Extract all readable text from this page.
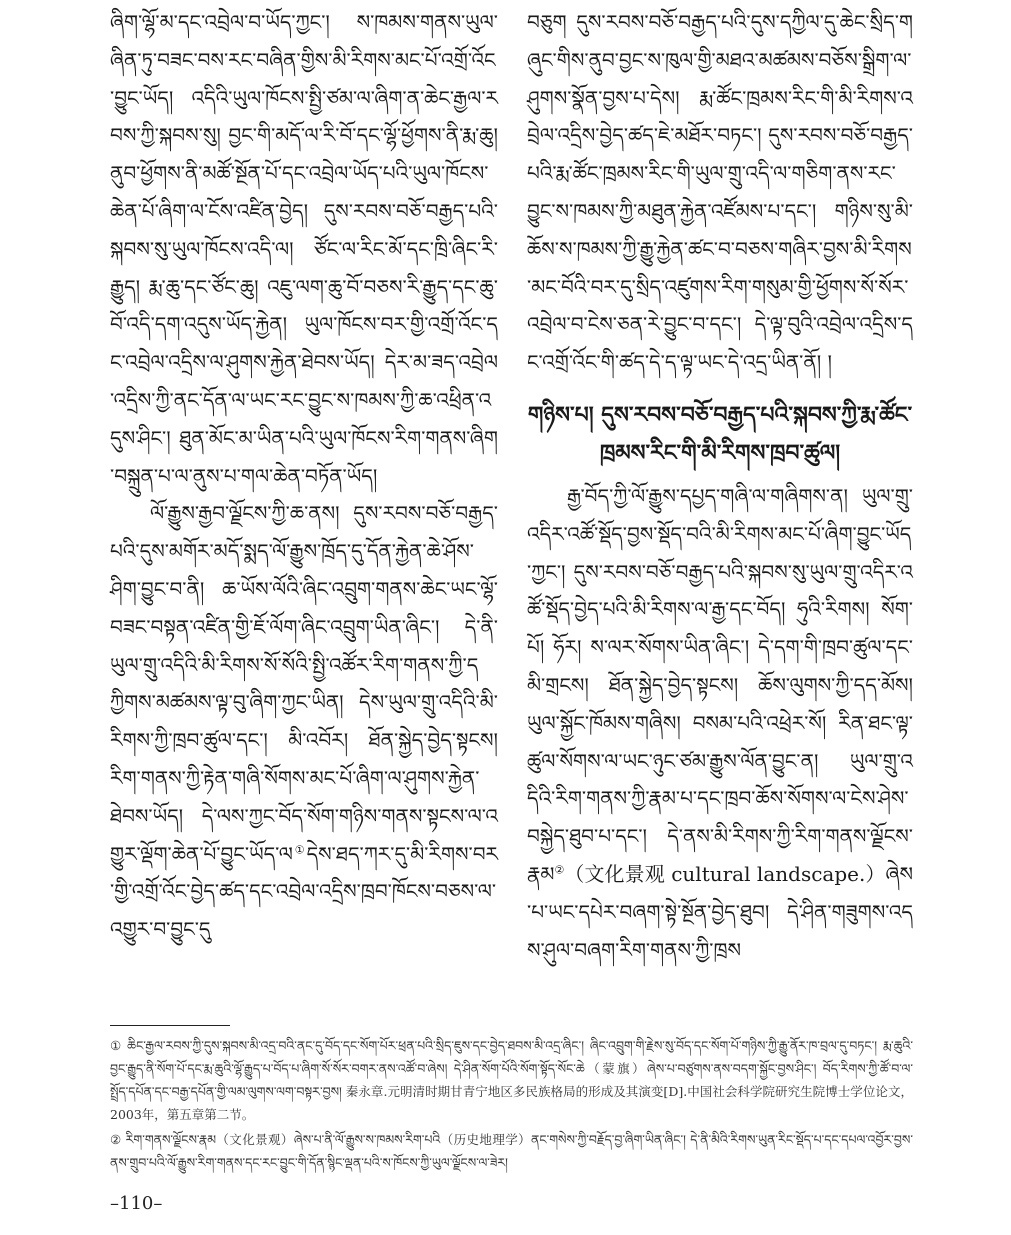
ཞིག་ལྷོ་མ་དང་འབྲེལ་བ་ཡོད་ཀྱང་། ས་ཁམས་གནས་ཡུལ་ཞིན་ཏུ་བཟང་བས་རང་བཞིན་གྱིས་མི་རིགས་མང་པོ་འགྲོ་འོང་བྱུང་ཡོད། འདིའི་ཡུལ་ཁོངས་སྤྱི་ཙམ་ལ་ཞིག་ན་ཆེང་རྒྱལ་རབས་ཀྱི་སྐབས་སུ། བྱང་གི་མདོ་ལ་རི་བོ་དང་ལྷོ་ཕྱོགས་ནི་རྨ་ཆུ། ནུབ་ཕྱོགས་ནི་མཚོ་སྔོན་པོ་དང་འབྲེལ་ཡོད་པའི་ཡུལ་ཁོངས་ཆེན་པོ་ཞིག་ལ་ངོས་འཛིན་བྱེད། དུས་རབས་བཅོ་བརྒྱད་པའི་སྐབས་སུ་ཡུལ་ཁོངས་འདི་ལ། ཙོང་ལ་རིང་མོ་དང་ཁྲི་ཞིང་རི་རྒྱུད། རྨ་ཆུ་དང་ཙོང་ཆུ། འཇུ་ལག་ཆུ་བོ་བཅས་རི་རྒྱུད་དང་ཆུ་བོ་འདི་དག་འདུས་ཡོད་རྐྱེན། ཡུལ་ཁོངས་བར་གྱི་འགྲོ་འོང་དང་འབྲེལ་འདྲིས་ལ་ཤུགས་རྐྱེན་ཐེབས་ཡོད། དེར་མ་ཟད་འབྲེལ་འདྲིས་ཀྱི་ནང་དོན་ལ་ཡང་རང་བྱུང་ས་ཁམས་ཀྱི་ཆ་འཕྲིན་འདུས་ཤིང་། ཐུན་མོང་མ་ཡིན་པའི་ཡུལ་ཁོངས་རིག་གནས་ཞིག་བསྐྲུན་པ་ལ་ནུས་པ་གལ་ཆེན་བཏོན་ཡོད།

ལོ་རྒྱུས་རྒྱབ་ལྗོངས་ཀྱི་ཆ་ནས། དུས་རབས་བཅོ་བརྒྱད་པའི་དུས་མགོར་མདོ་སྨད་ལོ་རྒྱུས་ཁྲོད་དུ་དོན་རྐྱེན་ཆེ་ཤོས་ཤིག་བྱུང་བ་ནི། ཆ་ཡོས་ལོའི་ཞིང་འབྲུག་གནས་ཆེང་ཡང་ལྷོ་བཟང་བསྟན་འཛིན་གྱི་ཇོ་ལོག་ཞིང་འབྲུག་ཡིན་ཞིང་། དེ་ནི་ཡུལ་གྲུ་འདིའི་མི་རིགས་སོ་སོའི་སྤྱི་འཚོར་རིག་གནས་ཀྱི་དཀྱིགས་མཚམས་ལྟ་བུ་ཞིག་ཀྱང་ཡིན། དེས་ཡུལ་གྲུ་འདིའི་མི་རིགས་ཀྱི་ཁྲབ་ཚུལ་དང་། མི་འབོར། ཐོན་སྐྱེད་བྱེད་སྟངས། རིག་གནས་ཀྱི་རྟེན་གཞི་སོགས་མང་པོ་ཞིག་ལ་ཤུགས་རྐྱེན་ཐེབས་ཡོད། དེ་ལས་ཀྱང་བོད་སོག་གཉིས་གནས་སྟངས་ལ་འགྱུར་ལྡོག་ཆེན་པོ་བྱུང་ཡོད་ལ①དེས་ཐད་ཀར་དུ་མི་རིགས་བར་གྱི་འགྲོ་འོང་བྱེད་ཚད་དང་འབྲེལ་འདྲིས་ཁྲབ་ཁོངས་བཅས་ལ་འགྱུར་བ་བྱུང་དུ

བཅུག དུས་རབས་བཅོ་བརྒྱད་པའི་དུས་དཀྱིལ་དུ་ཆེང་སྲིད་གཞུང་གིས་ནུབ་བྱང་ས་ཁུལ་གྱི་མཐའ་མཚམས་བཅོས་སྒྲིག་ལ་ཤུགས་སྣོན་བྱས་པ་དེས། རྨ་ཚོང་ཁྲམས་རིང་གི་མི་རིགས་འབྲེལ་འདྲིས་བྱེད་ཚད་ཇེ་མཐོར་བཏང་། དུས་རབས་བཅོ་བརྒྱད་པའི་རྨ་ཚོང་ཁྲམས་རིང་གི་ཡུལ་གྲུ་འདི་ལ་གཅིག་ནས་རང་བྱུང་ས་ཁམས་ཀྱི་མཐུན་རྐྱེན་འཛོམས་པ་དང་། གཉིས་སུ་མི་ཆོས་ས་ཁམས་ཀྱི་རྒྱུ་རྐྱེན་ཚང་བ་བཅས་གཞིར་བྱས་མི་རིགས་མང་བོའི་བར་དུ་སྲིད་འཛུགས་རིག་གསུམ་གྱི་ཕྱོགས་སོ་སོར་འབྲེལ་བ་ངེས་ཅན་རེ་བྱུང་བ་དང་། དེ་ལྟ་བུའི་འབྲེལ་འདྲིས་དང་འགྲོ་འོང་གི་ཚད་དེ་ད་ལྟ་ཡང་དེ་འདྲ་ཡིན་ནོ། །

གཉིས་པ། དུས་རབས་བཅོ་བརྒྱད་པའི་སྐབས་ཀྱི་རྨ་ཚོང་ཁྲམས་རིང་གི་མི་རིགས་ཁྲབ་ཚུལ།

རྒྱ་བོད་ཀྱི་ལོ་རྒྱུས་དཔྱད་གཞི་ལ་གཞིགས་ན། ཡུལ་གྲུ་འདིར་འཚོ་སྡོད་བྱས་སྡོད་བའི་མི་རིགས་མང་པོ་ཞིག་བྱུང་ཡོད་ཀྱང་། དུས་རབས་བཅོ་བརྒྱད་པའི་སྐབས་སུ་ཡུལ་གྲུ་འདིར་འཚོ་སྡོད་བྱེད་པའི་མི་རིགས་ལ་རྒྱ་དང་བོད། ཧུའི་རིགས། སོག་པོ། ཧོར། ས་ལར་སོགས་ཡིན་ཞིང་། དེ་དག་གི་ཁྲབ་ཚུལ་དང་མི་གྲངས། ཐོན་སྐྱེད་བྱེད་སྟངས། ཆོས་ལུགས་ཀྱི་དད་མོས། ཡུལ་སྐྱོང་ཁོམས་གཞིས། བསམ་པའི་འཕྲེར་སོ། རིན་ཐང་ལྟ་ཚུལ་སོགས་ལ་ཡང་ཉུང་ཙམ་རྒྱུས་ལོན་བྱུང་ན། ཡུལ་གྲུ་འདིའི་རིག་གནས་ཀྱི་རྣམ་པ་དང་ཁྲབ་ཆོས་སོགས་ལ་ངེས་ཤེས་བསྐྱེད་ཐུབ་པ་དང་། དེ་ནས་མི་རིགས་ཀྱི་རིག་གནས་ལྗོངས་རྣམ②（文化景观 cultural landscape.）ཞེས་པ་ཡང་དཔེར་བཞག་སྟེ་སྔོན་བྱེད་ཐུབ། དེ་ཤིན་གཟུགས་འདས་ཤུལ་བཞག་རིག་གནས་ཀྱི་ཁྲས

① ཆིང་རྒྱལ་རབས་ཀྱི་དུས་སྐབས་མི་འདྲ་བའི་ནང་དུ་བོད་དང་སོག་པོར་ཕྲན་པའི་སྲིད་ཇུས་དང་བྱེད་ཐབས་མི་འདྲ་ཞིང་། ཞིང་འབྲུག་གི་རྗེས་སུ་བོད་དང་སོག་པོ་གཉིས་ཀྱི་རྒྱུ་ནོར་ཁ་བྲལ་དུ་བཏང་། རྨ་ཆུའི་བྱང་རྒྱུད་ནི་སོག་པོ་དང་རྨ་ཆུའི་ལྷོ་རྒྱུད་པ་བོད་པ་ཞིག་སོ་སོར་བགར་ནས་འཚོ་བ་ཞེས། དེ་ཤིན་སོག་པོའི་སོག་སྟོད་སོང་ཆེ（蒙旗）ཞེས་པ་བཙུགས་ནས་བདག་སྐྱོང་བྱས་ཤིང་། བོད་རིགས་ཀྱི་ཚོ་བ་ལ་སྤྲོད་དཔོན་དང་བརྒྱ་དཔོན་གྱི་ལམ་ལུགས་ལག་བསྟར་བྱས། 秦永章.元明清时期甘青宁地区多民族格局的形成及其演变[D].中国社会科学院研究生院博士学位论文，2003年，第五章第二节。

② རིག་གནས་ལྗོངས་རྣམ（文化景观）ཞེས་པ་ནི་ལོ་རྒྱུས་ས་ཁམས་རིག་པའི（历史地理学）ནང་གསེས་ཀྱི་བརྗོད་བྱ་ཞིག་ཡིན་ཞིང་། དེ་ནི་མིའི་རིགས་ཡུན་རིང་སྡོད་པ་དང་དཔལ་འབྱོར་བྱས་ནས་གྲུབ་པའི་ལོ་རྒྱུས་རིག་གནས་དང་རང་བྱུང་གི་དོན་སྙིང་ལྡན་པའི་ས་ཁོངས་ཀྱི་ཡུལ་ལྗོངས་ལ་ཟེར།

–110–
